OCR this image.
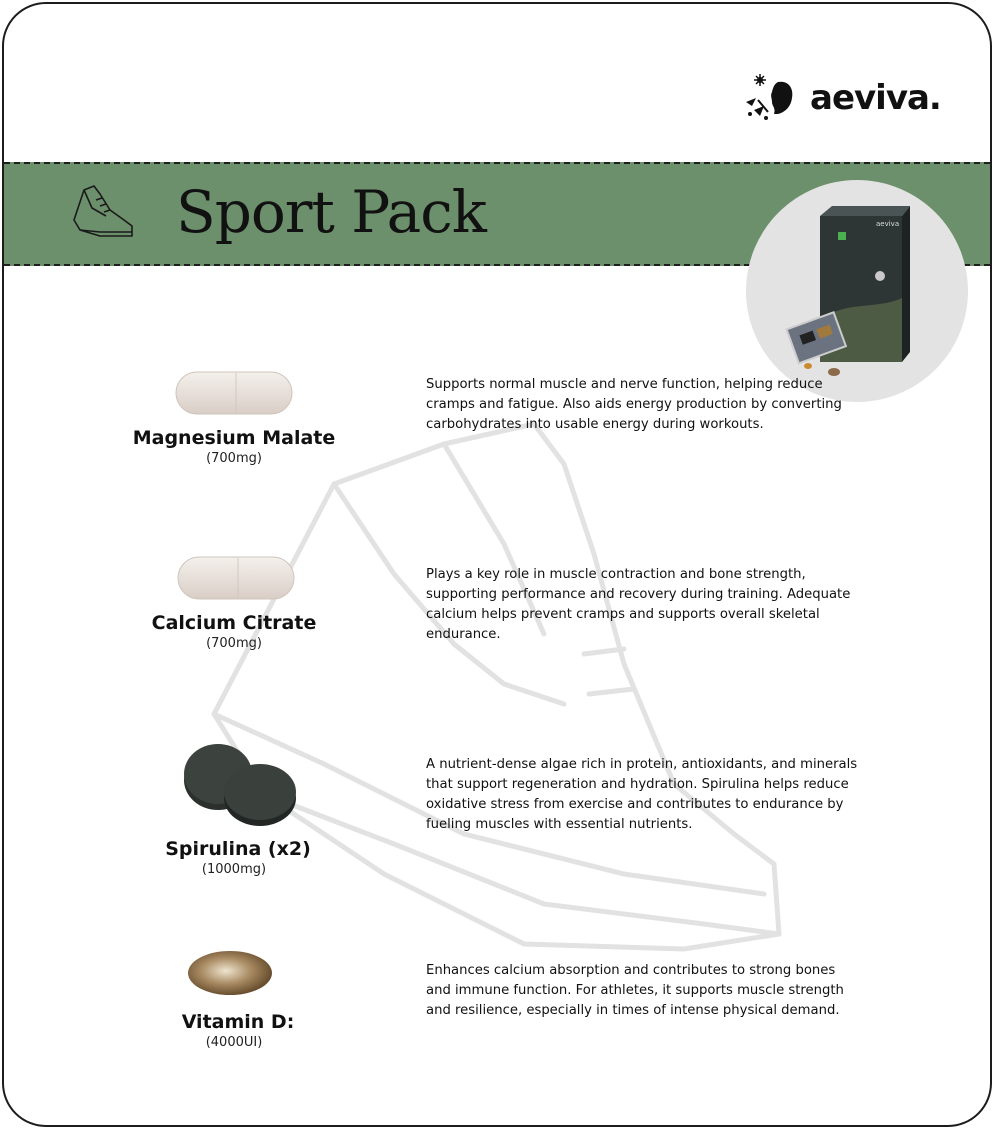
aeviva.
Sport Pack	aeviva
Magnesium Malate
(700mg)
Supports normal muscle and nerve function, helping reduce cramps and fatigue. Also aids energy production by converting carbohydrates into usable energy during workouts.
Calcium Citrate
(700mg)
Plays a key role in muscle contraction and bone strength, supporting performance and recovery during training. Adequate calcium helps prevent cramps and supports overall skeletal endurance.
Spirulina (x2)
(1000mg)
A nutrient-dense algae rich in protein, antioxidants, and minerals that support regeneration and hydration. Spirulina helps reduce oxidative stress from exercise and contributes to endurance by fueling muscles with essential nutrients.
Vitamin D:
(4000UI)
Enhances calcium absorption and contributes to strong bones and immune function. For athletes, it supports muscle strength and resilience, especially in times of intense physical demand.
